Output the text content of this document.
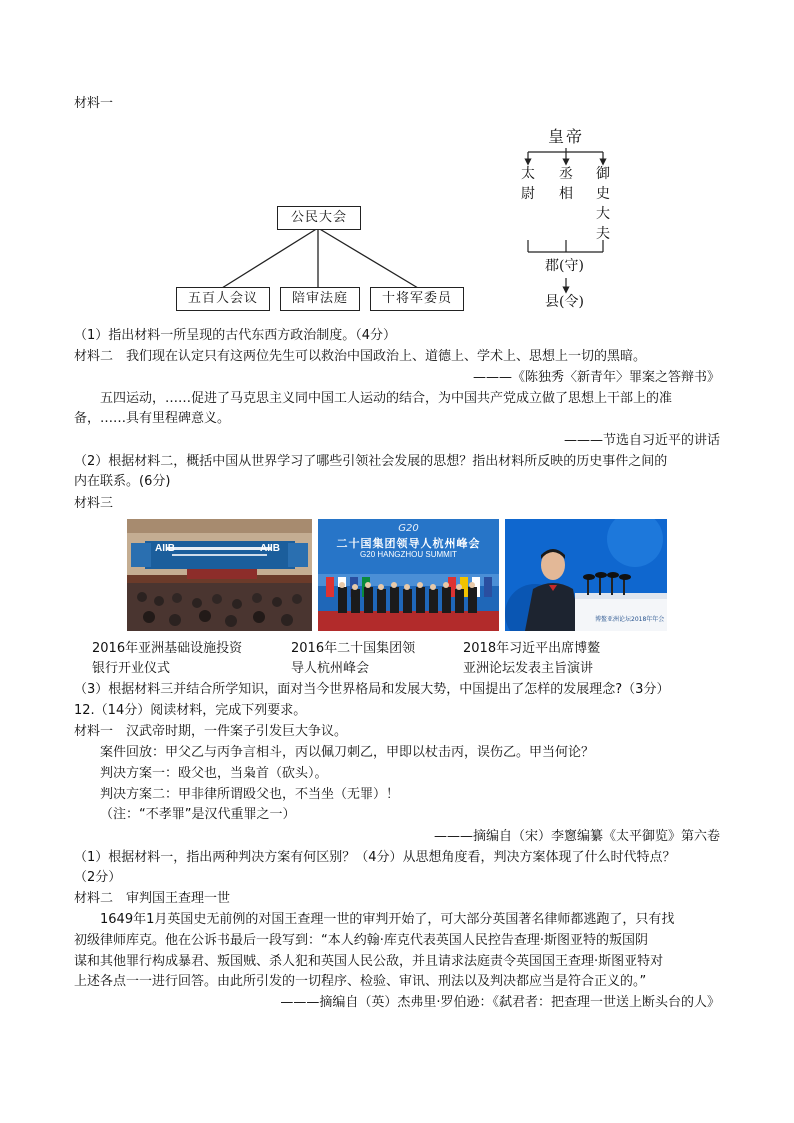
材料一
公民大会
五百人会议	陪审法庭	十将军委员
皇帝
太尉
丞相
御史大夫
郡(守)
县(令)
（1）指出材料一所呈现的古代东西方政治制度。（4分）
材料二　我们现在认定只有这两位先生可以救治中国政治上、道德上、学术上、思想上一切的黑暗。
———《陈独秀〈新青年〉罪案之答辩书》
五四运动，……促进了马克思主义同中国工人运动的结合，为中国共产党成立做了思想上干部上的准
备，……具有里程碑意义。
———节选自习近平的讲话
（2）根据材料二，概括中国从世界学习了哪些引领社会发展的思想？指出材料所反映的历史事件之间的
内在联系。(6分)
材料三
AIIB	AIIB
G20
二十国集团领导人杭州峰会
G20 HANGZHOU SUMMIT
博鳌亚洲论坛2018年年会
2016年亚洲基础设施投资
银行开业仪式
2016年二十国集团领
导人杭州峰会
2018年习近平出席博鳌
亚洲论坛发表主旨演讲
（3）根据材料三并结合所学知识，面对当今世界格局和发展大势，中国提出了怎样的发展理念?（3分）
12.（14分）阅读材料，完成下列要求。
材料一　汉武帝时期，一件案子引发巨大争议。
案件回放：甲父乙与丙争言相斗，丙以佩刀刺乙，甲即以杖击丙，误伤乙。甲当何论？
判决方案一：殴父也，当枭首（砍头）。
判决方案二：甲非律所谓殴父也，不当坐（无罪）！
（注：“不孝罪”是汉代重罪之一）
———摘编自（宋）李窻编纂《太平御览》第六卷
（1）根据材料一，指出两种判决方案有何区别？（4分）从思想角度看，判决方案体现了什么时代特点？
（2分）
材料二　审判国王查理一世
1649年1月英国史无前例的对国王查理一世的审判开始了，可大部分英国著名律师都逃跑了，只有找
初级律师库克。他在公诉书最后一段写到：“本人约翰·库克代表英国人民控告查理·斯图亚特的叛国阴
谋和其他罪行构成暴君、叛国贼、杀人犯和英国人民公敌，并且请求法庭责令英国国王查理·斯图亚特对
上述各点一一进行回答。由此所引发的一切程序、检验、审讯、刑法以及判决都应当是符合正义的。”
———摘编自（英）杰弗里·罗伯逊：《弑君者：把查理一世送上断头台的人》
